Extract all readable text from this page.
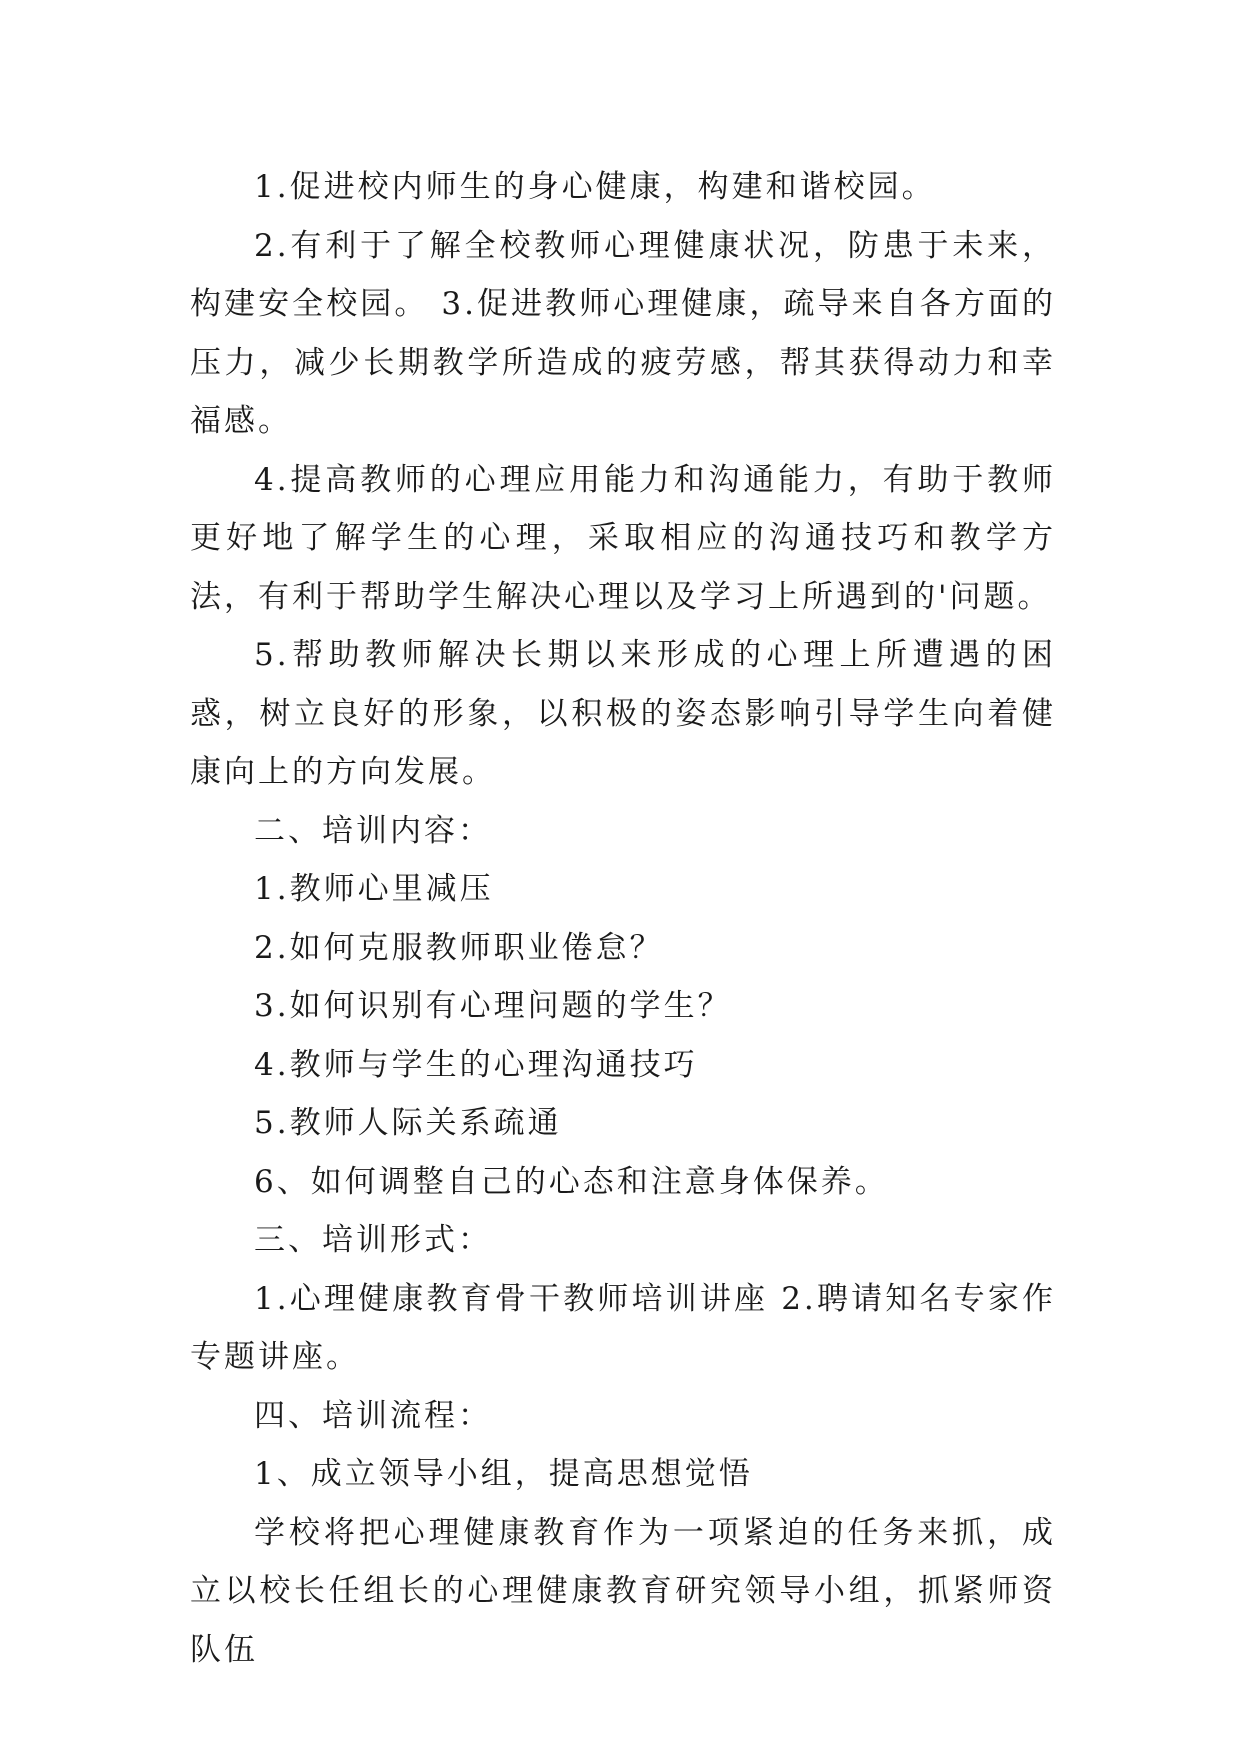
1.促进校内师生的身心健康，构建和谐校园。

2.有利于了解全校教师心理健康状况，防患于未来，构建安全校园。 3.促进教师心理健康，疏导来自各方面的压力，减少长期教学所造成的疲劳感，帮其获得动力和幸福感。

4.提高教师的心理应用能力和沟通能力，有助于教师更好地了解学生的心理，采取相应的沟通技巧和教学方法，有利于帮助学生解决心理以及学习上所遇到的'问题。

5.帮助教师解决长期以来形成的心理上所遭遇的困惑，树立良好的形象，以积极的姿态影响引导学生向着健康向上的方向发展。

二、培训内容：

1.教师心里减压

2.如何克服教师职业倦怠？

3.如何识别有心理问题的学生？

4.教师与学生的心理沟通技巧

5.教师人际关系疏通

6、如何调整自己的心态和注意身体保养。

三、培训形式：

1.心理健康教育骨干教师培训讲座 2.聘请知名专家作专题讲座。

四、培训流程：

1、成立领导小组，提高思想觉悟

学校将把心理健康教育作为一项紧迫的任务来抓，成立以校长任组长的心理健康教育研究领导小组，抓紧师资队伍
